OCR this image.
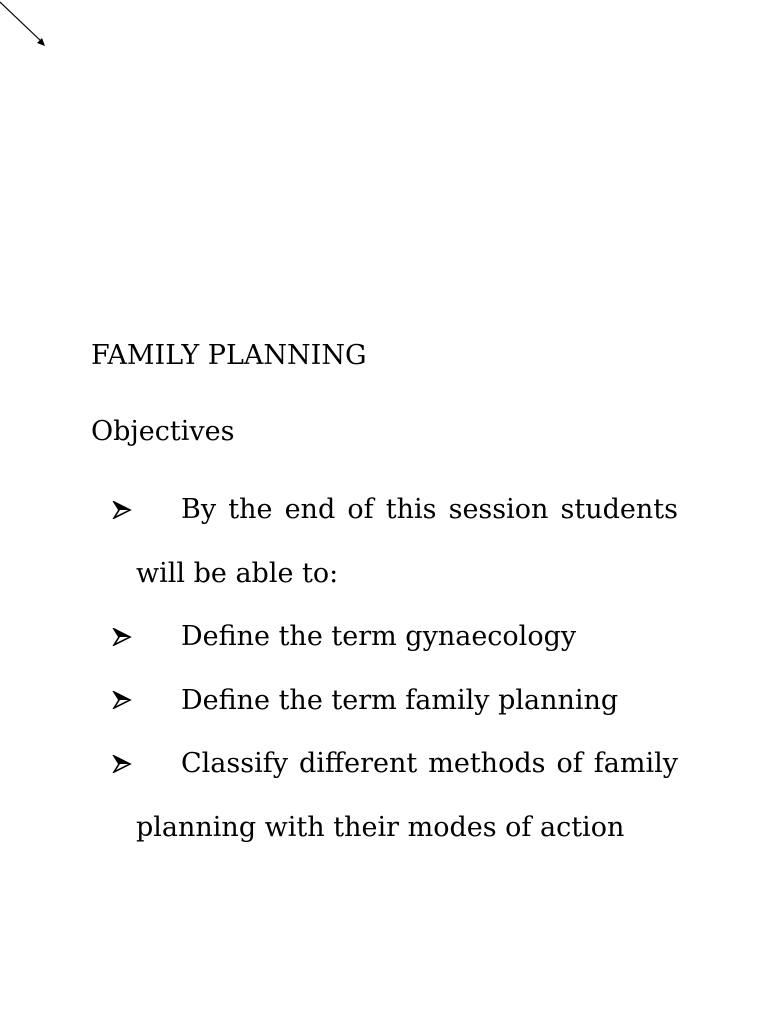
FAMILY PLANNING
Objectives
By the end of this session students will be able to:
Define the term gynaecology
Define the term family planning
Classify different methods of family planning with their modes of action
